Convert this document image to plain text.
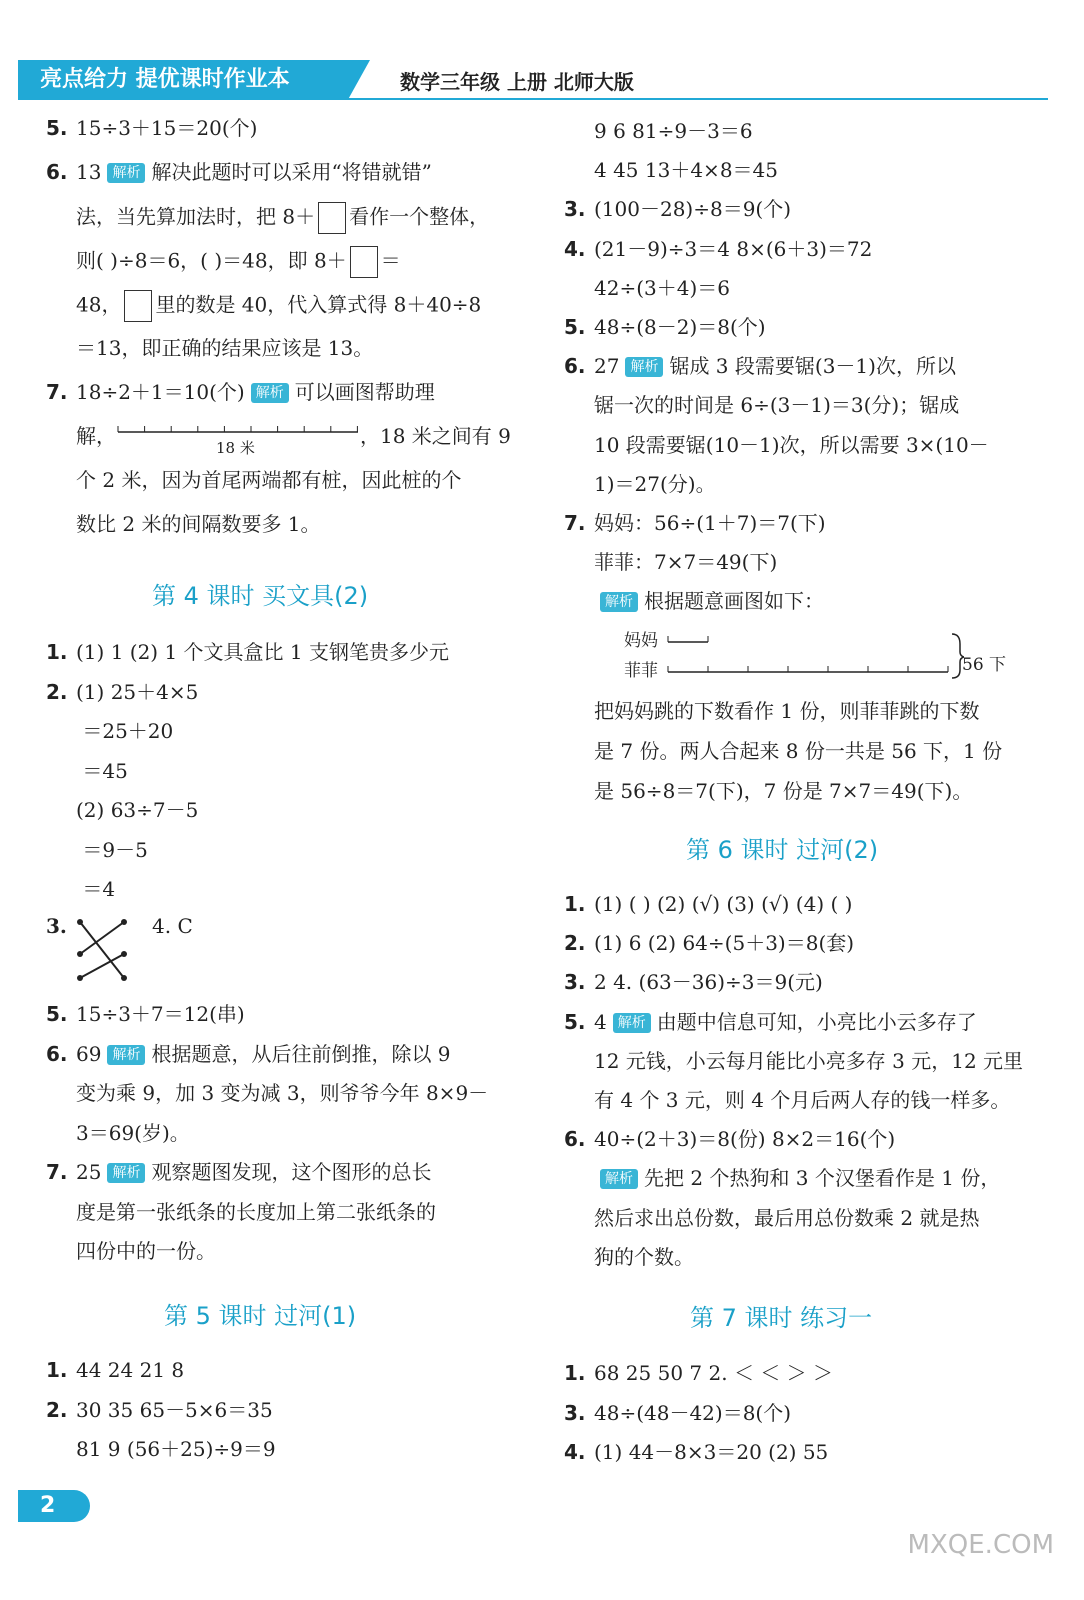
亮点给力 提优课时作业本	数学三年级 上册 北师大版
5. 15÷3＋15＝20(个)
6. 13 解析 解决此题时可以采用“将错就错”
法，当先算加法时，把 8＋ 看作一个整体，
则( )÷8＝6，( )＝48，即 8＋ ＝
48， 里的数是 40，代入算式得 8＋40÷8
＝13，即正确的结果应该是 13。
7. 18÷2＋1＝10(个) 解析 可以画图帮助理
解，	18 米	，18 米之间有 9
个 2 米，因为首尾两端都有桩，因此桩的个
数比 2 米的间隔数要多 1。
1. (1) 1 (2) 1 个文具盒比 1 支钢笔贵多少元
2. (1) 25＋4×5
＝25＋20
＝45
(2) 63÷7－5
＝9－5
＝4
5. 15÷3＋7＝12(串)
6. 69 解析 根据题意，从后往前倒推，除以 9
变为乘 9，加 3 变为减 3，则爷爷今年 8×9－
3＝69(岁)。
7. 25 解析 观察题图发现，这个图形的总长
度是第一张纸条的长度加上第二张纸条的
四份中的一份。
1. 44 24 21 8
2. 30 35 65－5×6＝35
81 9 (56＋25)÷9＝9
9 6 81÷9－3＝6
4 45 13＋4×8＝45
3. (100－28)÷8＝9(个)
4. (21－9)÷3＝4 8×(6＋3)＝72
42÷(3＋4)＝6
5. 48÷(8－2)＝8(个)
6. 27 解析 锯成 3 段需要锯(3－1)次，所以
锯一次的时间是 6÷(3－1)＝3(分)；锯成
10 段需要锯(10－1)次，所以需要 3×(10－
1)＝27(分)。
7. 妈妈：56÷(1＋7)＝7(下)
菲菲：7×7＝49(下)
解析 根据题意画图如下：
把妈妈跳的下数看作 1 份，则菲菲跳的下数
是 7 份。两人合起来 8 份一共是 56 下，1 份
是 56÷8＝7(下)，7 份是 7×7＝49(下)。
1. (1) ( ) (2) (√) (3) (√) (4) ( )
2. (1) 6 (2) 64÷(5＋3)＝8(套)
3. 2 4. (63－36)÷3＝9(元)
5. 4 解析 由题中信息可知，小亮比小云多存了
12 元钱，小云每月能比小亮多存 3 元，12 元里
有 4 个 3 元，则 4 个月后两人存的钱一样多。
6. 40÷(2＋3)＝8(份) 8×2＝16(个)
解析 先把 2 个热狗和 3 个汉堡看作是 1 份，
然后求出总份数，最后用总份数乘 2 就是热
狗的个数。
1. 68 25 50 7 2. ＜ ＜ ＞ ＞
3. 48÷(48－42)＝8(个)
4. (1) 44－8×3＝20 (2) 55
第 4 课时 买文具(2)
第 5 课时 过河(1)
第 6 课时 过河(2)
第 7 课时 练习一
3.	4. C
妈妈
菲菲	56 下
2
MXQE.COM
